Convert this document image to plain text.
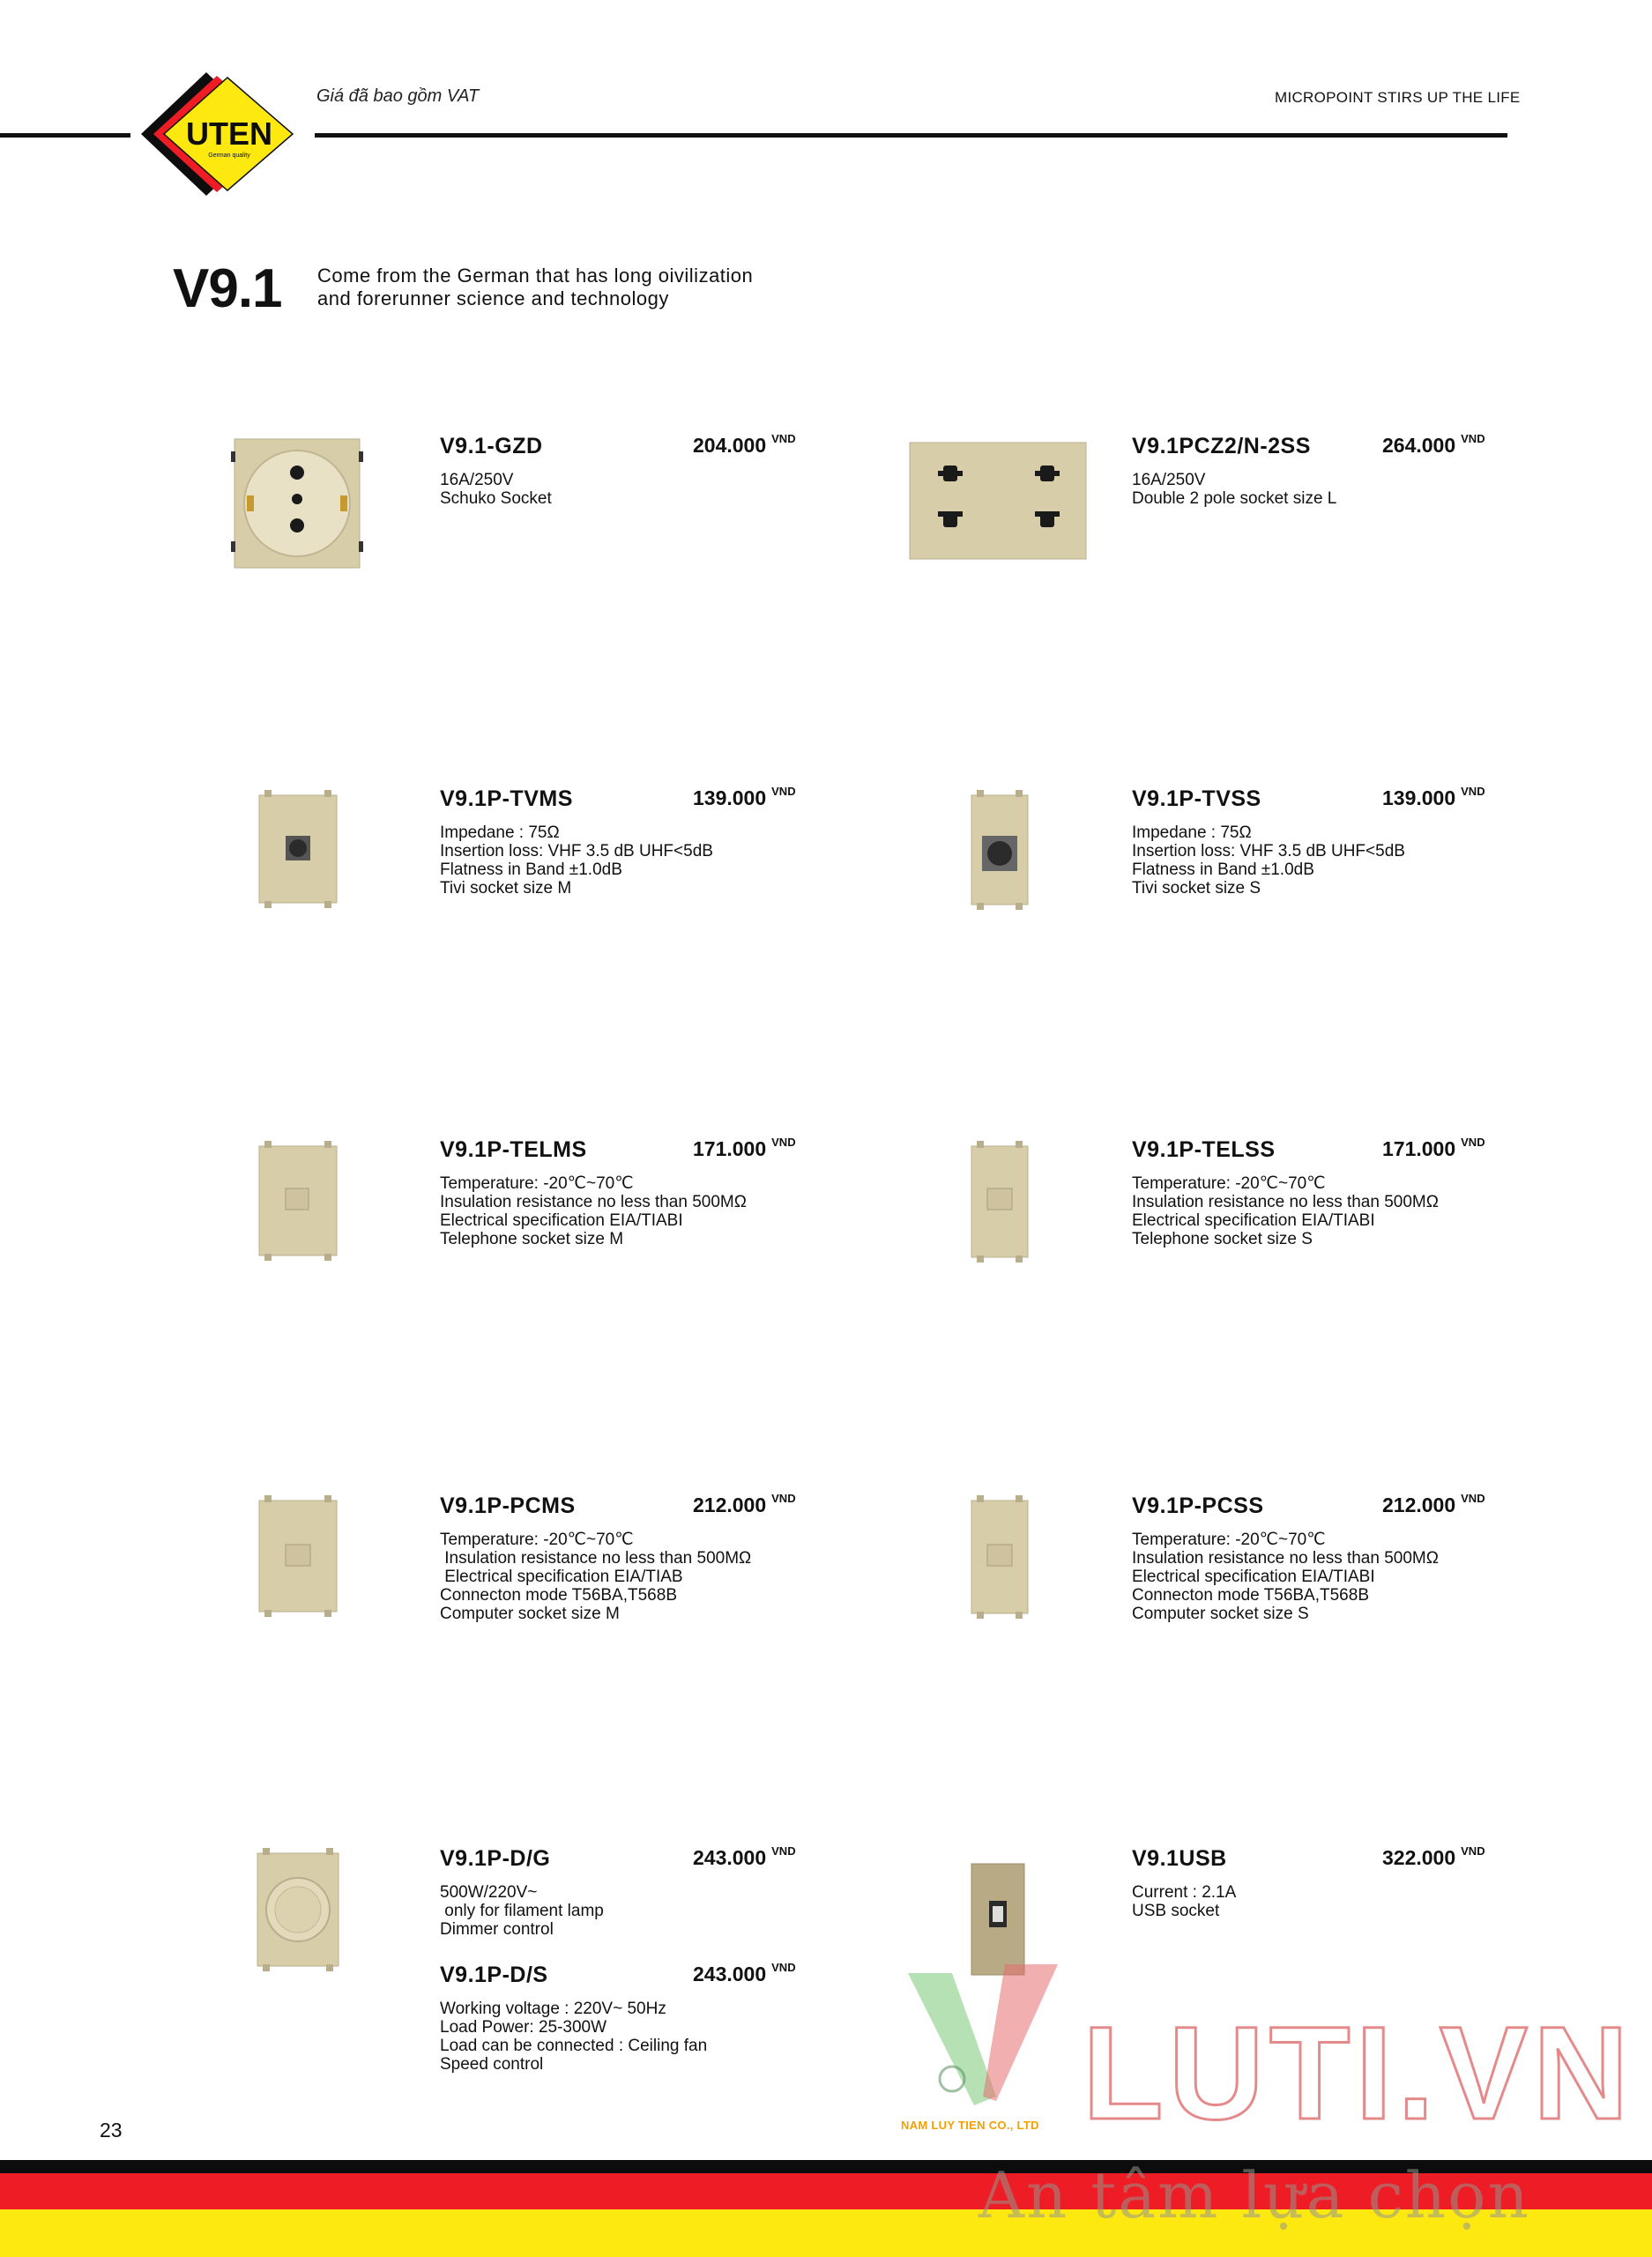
UTEN
German quality
Giá đã bao gồm VAT	MICROPOINT STIRS UP THE LIFE
V9.1 Come from the German that has long oivilization
and forerunner science and technology
V9.1-GZD	204.000 $^{VND}$
16A/250V
Schuko Socket
V9.1PCZ2/N-2SS	264.000 $^{VND}$
16A/250V
Double 2 pole socket size L
V9.1P-TVMS	139.000 $^{VND}$
Impedane : 75Ω
Insertion loss: VHF 3.5 dB UHF<5dB
Flatness in Band ±1.0dB
Tivi socket size M
V9.1P-TVSS	139.000 $^{VND}$
Impedane : 75Ω
Insertion loss: VHF 3.5 dB UHF<5dB
Flatness in Band ±1.0dB
Tivi socket size S
V9.1P-TELMS	171.000 $^{VND}$
Temperature: -20℃~70℃
Insulation resistance no less than 500MΩ
Electrical specification EIA/TIABI
Telephone socket size M
V9.1P-TELSS	171.000 $^{VND}$
Temperature: -20℃~70℃
Insulation resistance no less than 500MΩ
Electrical specification EIA/TIABI
Telephone socket size S
V9.1P-PCMS	212.000 $^{VND}$
Temperature: -20℃~70℃
Insulation resistance no less than 500MΩ
Electrical specification EIA/TIAB
Connecton mode T56BA,T568B
Computer socket size M
V9.1P-PCSS	212.000 $^{VND}$
Temperature: -20℃~70℃
Insulation resistance no less than 500MΩ
Electrical specification EIA/TIABI
Connecton mode T56BA,T568B
Computer socket size S
V9.1P-D/G	243.000 $^{VND}$
500W/220V~
only for filament lamp
Dimmer control
V9.1USB	322.000 $^{VND}$
Current : 2.1A
USB socket
V9.1P-D/S	243.000 $^{VND}$
Working voltage : 220V~ 50Hz
Load Power: 25-300W
Load can be connected : Ceiling fan
Speed control
23	LUTI.VN
NAM LUY TIEN CO., LTD
An tâm lựa chọn
